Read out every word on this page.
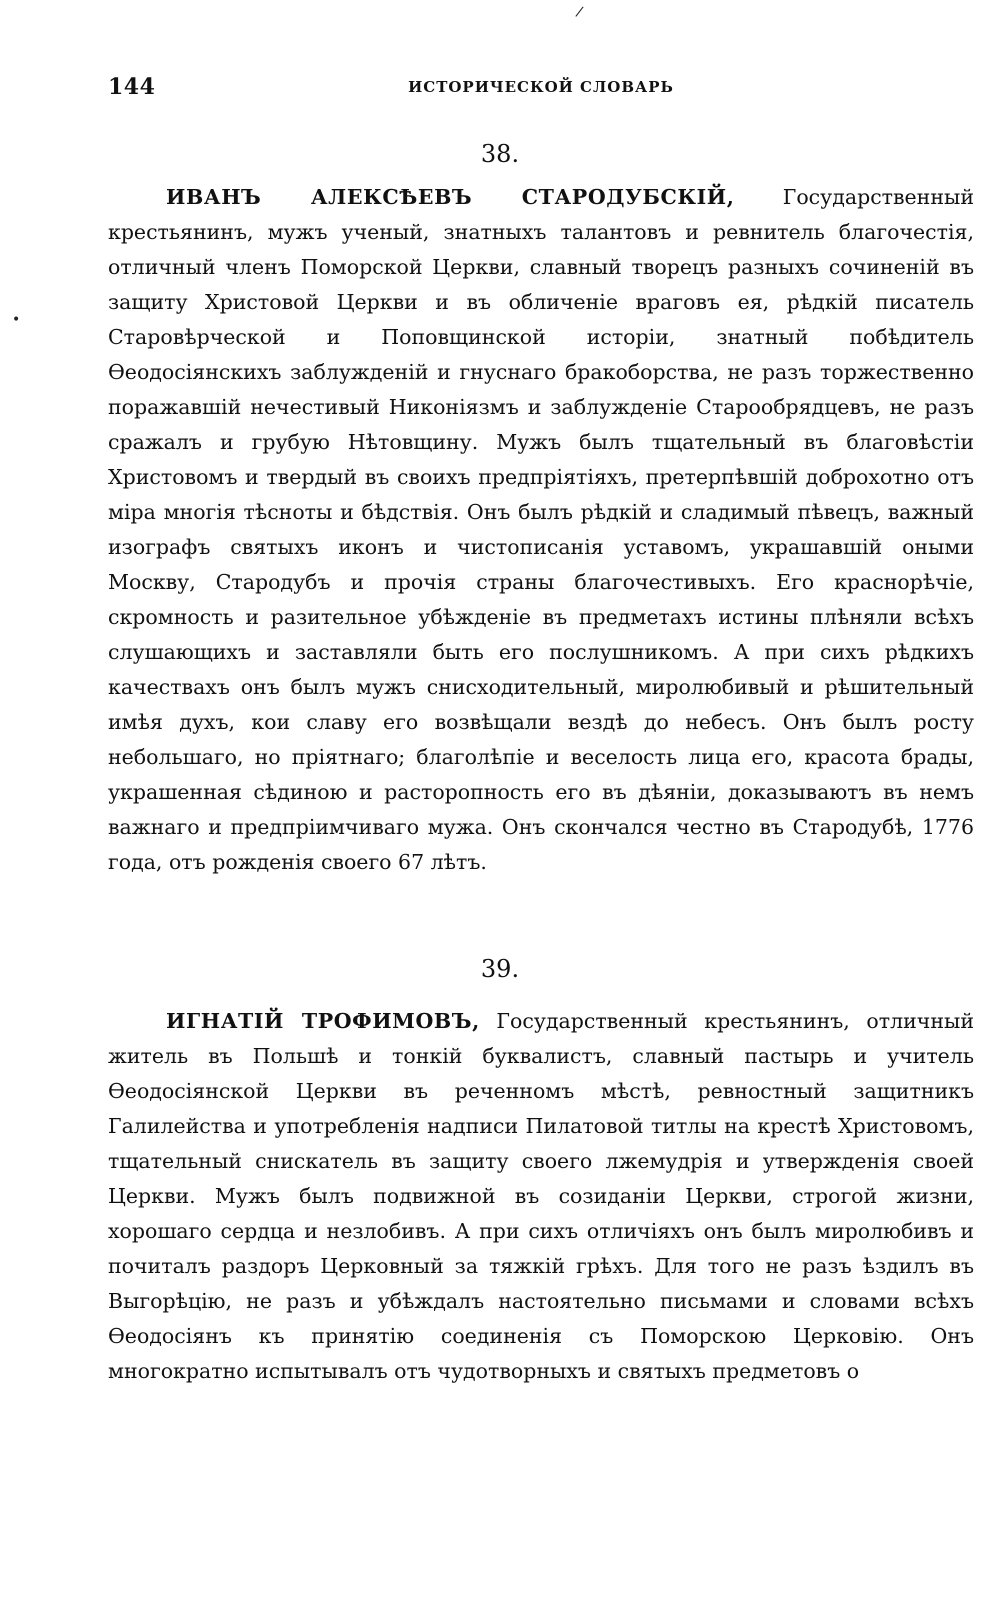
/
•
144	ИСТОРИЧЕСКОЙ СЛОВАРЬ
38.

ИВАНЪ АЛЕКСѢЕВЪ СТАРОДУБСКІЙ, Государственный крестьянинъ, мужъ ученый, знатныхъ талантовъ и ревнитель благочестія, отличный членъ Поморской Церкви, славный творецъ разныхъ сочиненій въ защиту Христовой Церкви и въ обличеніе враговъ ея, рѣдкій писатель Старовѣрческой и Поповщинской исторіи, знатный побѣдитель Ѳеодосіянскихъ заблужденій и гнуснаго бракоборства, не разъ торжественно поражавшій нечестивый Никоніязмъ и заблужденіе Старообрядцевъ, не разъ сражалъ и грубую Нѣтовщину. Мужъ былъ тщательный въ благовѣстіи Христовомъ и твердый въ своихъ предпріятіяхъ, претерпѣвшій доброхотно отъ міра многія тѣсноты и бѣдствія. Онъ былъ рѣдкій и сладимый пѣвецъ, важный изографъ святыхъ иконъ и чистописанія уставомъ, украшавшій оными Москву, Стародубъ и прочія страны благочестивыхъ. Его краснорѣчіе, скромность и разительное убѣжденіе въ предметахъ истины плѣняли всѣхъ слушающихъ и заставляли быть его послушникомъ. А при сихъ рѣдкихъ качествахъ онъ былъ мужъ снисходительный, миролюбивый и рѣшительный имѣя духъ, кои славу его возвѣщали вездѣ до небесъ. Онъ былъ росту небольшаго, но пріятнаго; благолѣпіе и веселость лица его, красота брады, украшенная сѣдиною и расторопность его въ дѣяніи, доказываютъ въ немъ важнаго и предпріимчиваго мужа. Онъ скончался честно въ Стародубѣ, 1776 года, отъ рожденія своего 67 лѣтъ.

39.

ИГНАТІЙ ТРОФИМОВЪ, Государственный крестьянинъ, отличный житель въ Польшѣ и тонкій буквалистъ, славный пастырь и учитель Ѳеодосіянской Церкви въ реченномъ мѣстѣ, ревностный защитникъ Галилейства и употребленія надписи Пилатовой титлы на крестѣ Христовомъ, тщательный снискатель въ защиту своего лжемудрія и утвержденія своей Церкви. Мужъ былъ подвижной въ созиданіи Церкви, строгой жизни, хорошаго сердца и незлобивъ. А при сихъ отличіяхъ онъ былъ миролюбивъ и почиталъ раздоръ Церковный за тяжкій грѣхъ. Для того не разъ ѣздилъ въ Выгорѣцію, не разъ и убѣждалъ настоятельно письмами и словами всѣхъ Ѳеодосіянъ къ принятію соединенія съ Поморскою Церковію. Онъ многократно испытывалъ отъ чудотворныхъ и святыхъ предметовъ о
